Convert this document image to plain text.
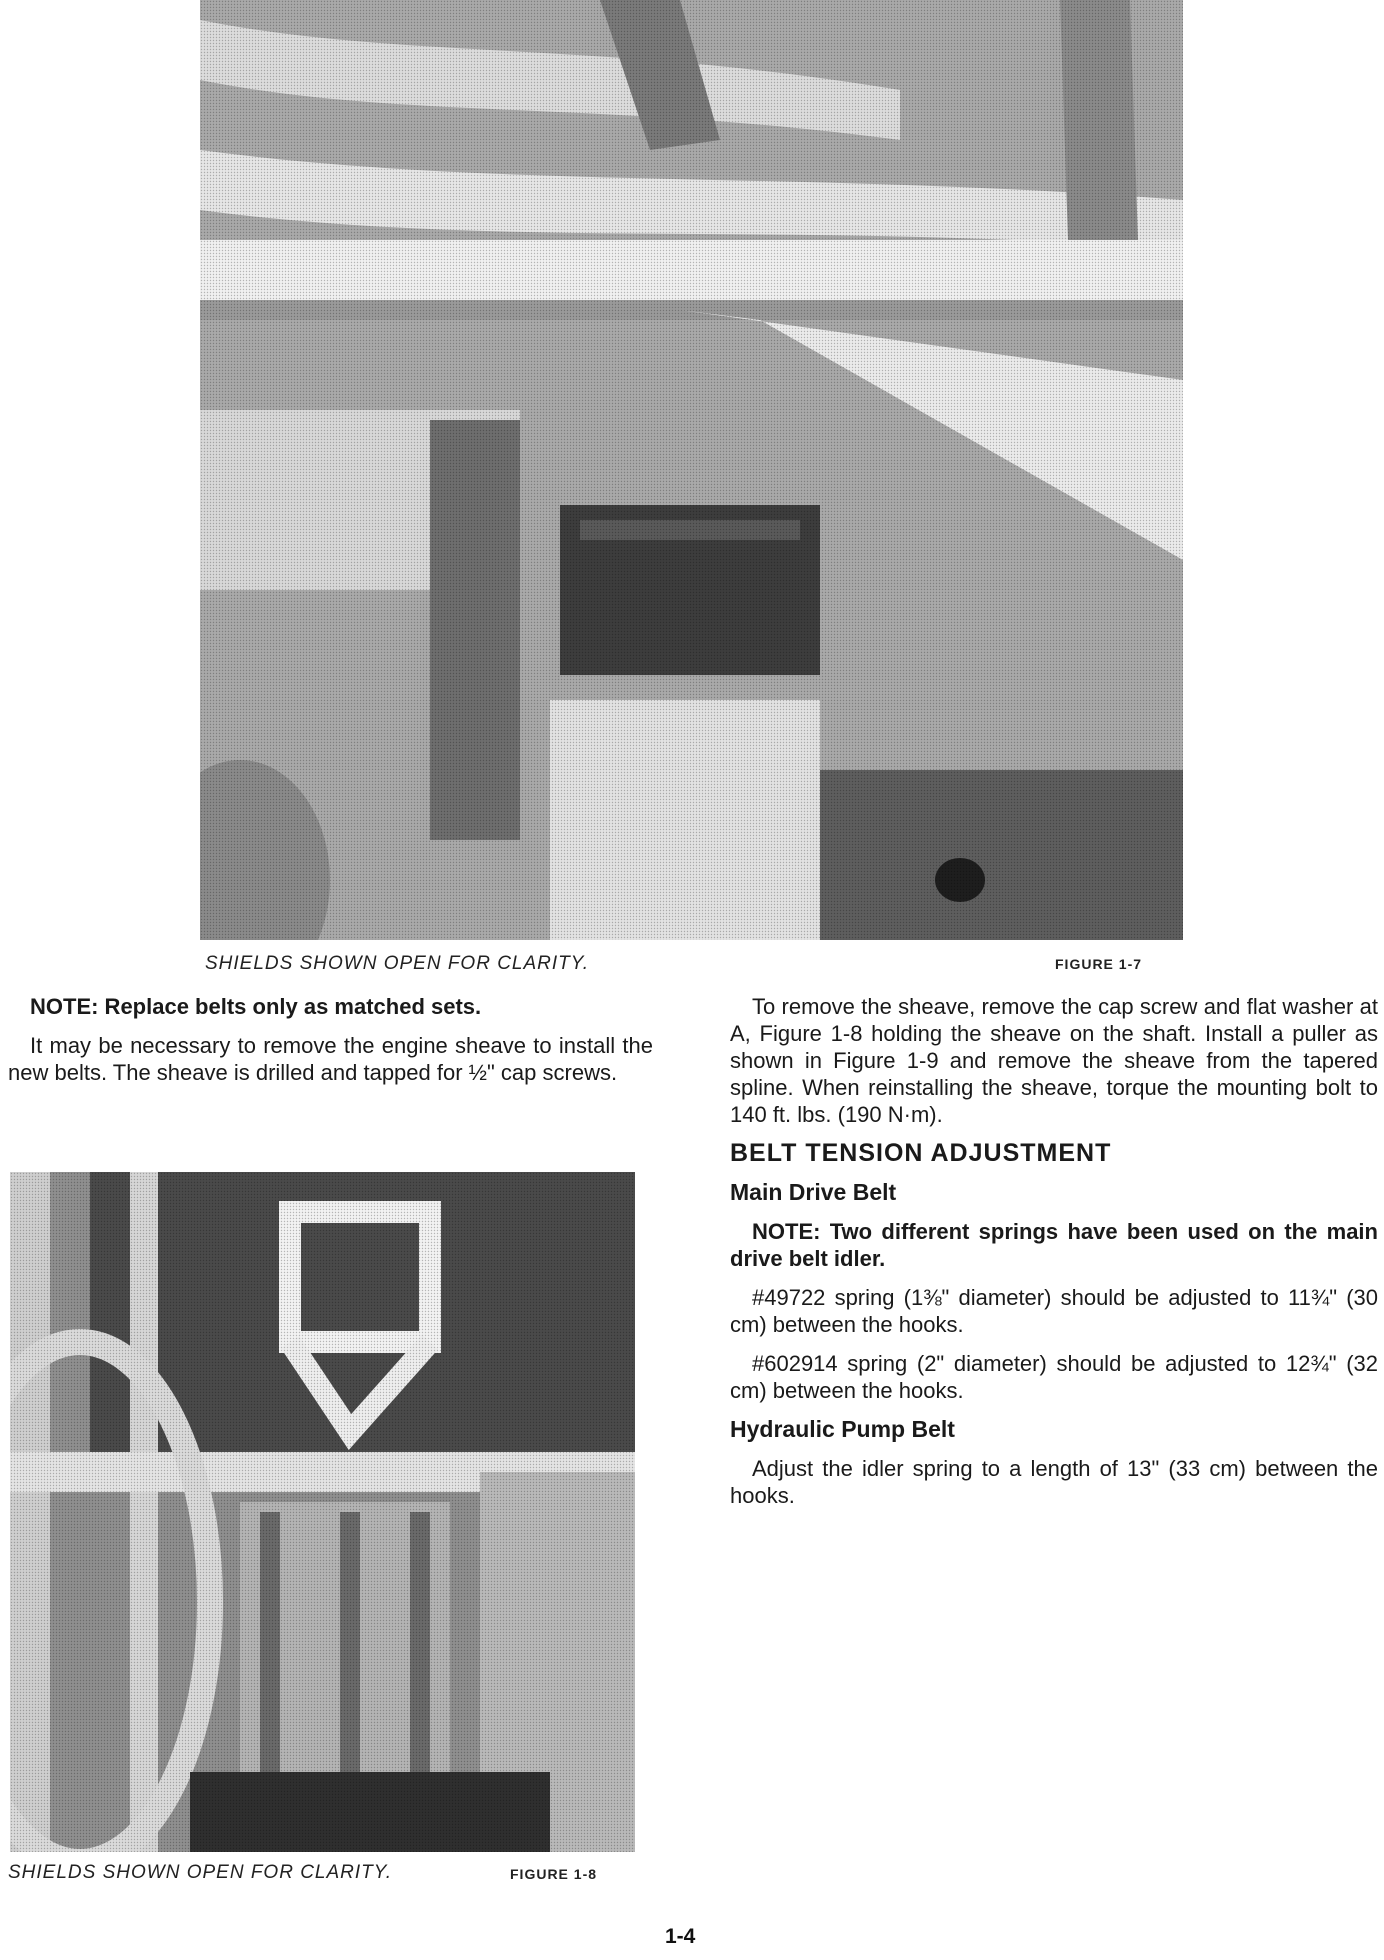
SHIELDS SHOWN OPEN FOR CLARITY.	FIGURE 1-7

NOTE: Replace belts only as matched sets.

It may be necessary to remove the engine sheave to install the new belts. The sheave is drilled and tapped for ½" cap screws.

To remove the sheave, remove the cap screw and flat washer at A, Figure 1-8 holding the sheave on the shaft. Install a puller as shown in Figure 1-9 and remove the sheave from the tapered spline. When reinstalling the sheave, torque the mounting bolt to 140 ft. lbs. (190 N·m).

BELT TENSION ADJUSTMENT

Main Drive Belt

NOTE: Two different springs have been used on the main drive belt idler.

#49722 spring (1⅜" diameter) should be adjusted to 11¾" (30 cm) between the hooks.

#602914 spring (2" diameter) should be adjusted to 12¾" (32 cm) between the hooks.

Hydraulic Pump Belt

Adjust the idler spring to a length of 13" (33 cm) between the hooks.

SHIELDS SHOWN OPEN FOR CLARITY.	FIGURE 1-8
1-4
